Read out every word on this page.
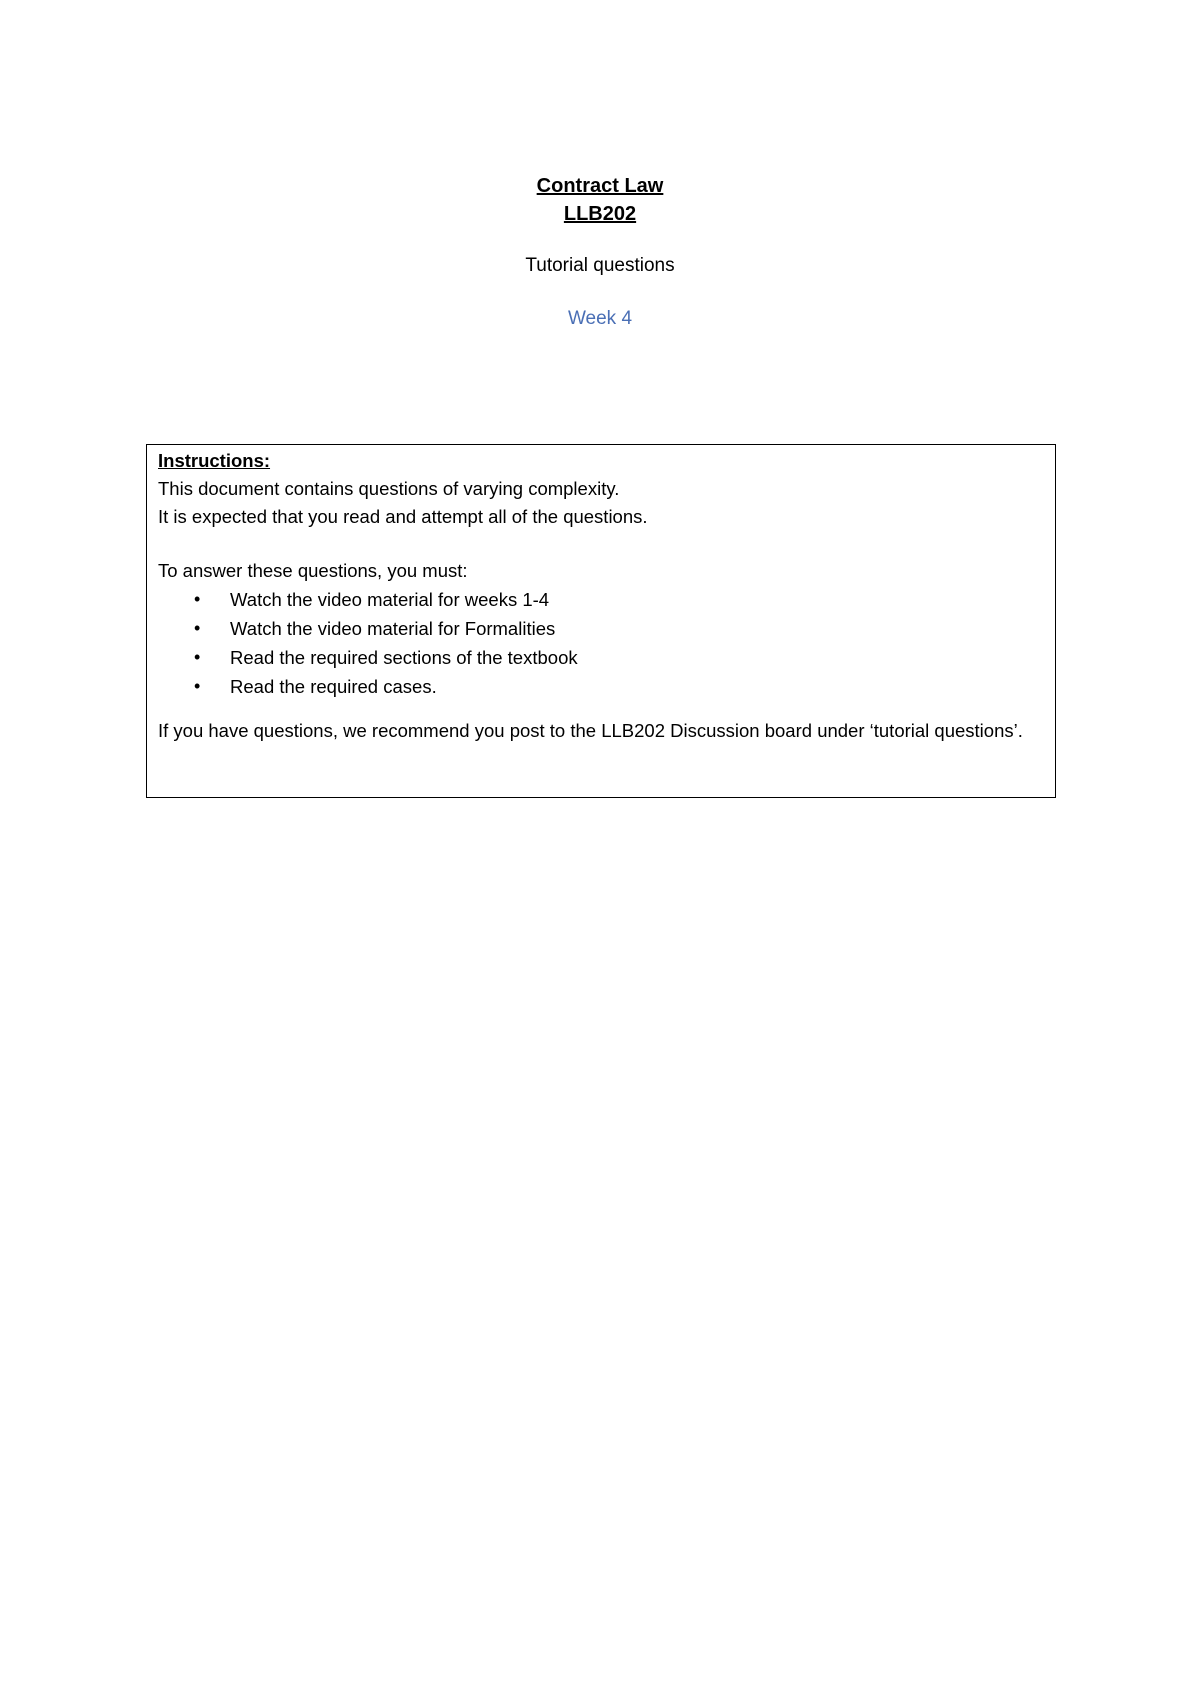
Contract Law
LLB202
Tutorial questions
Week 4
Instructions:
This document contains questions of varying complexity.
It is expected that you read and attempt all of the questions.
To answer these questions, you must:
• Watch the video material for weeks 1-4
• Watch the video material for Formalities
• Read the required sections of the textbook
• Read the required cases.
If you have questions, we recommend you post to the LLB202 Discussion board under ‘tutorial questions’.
